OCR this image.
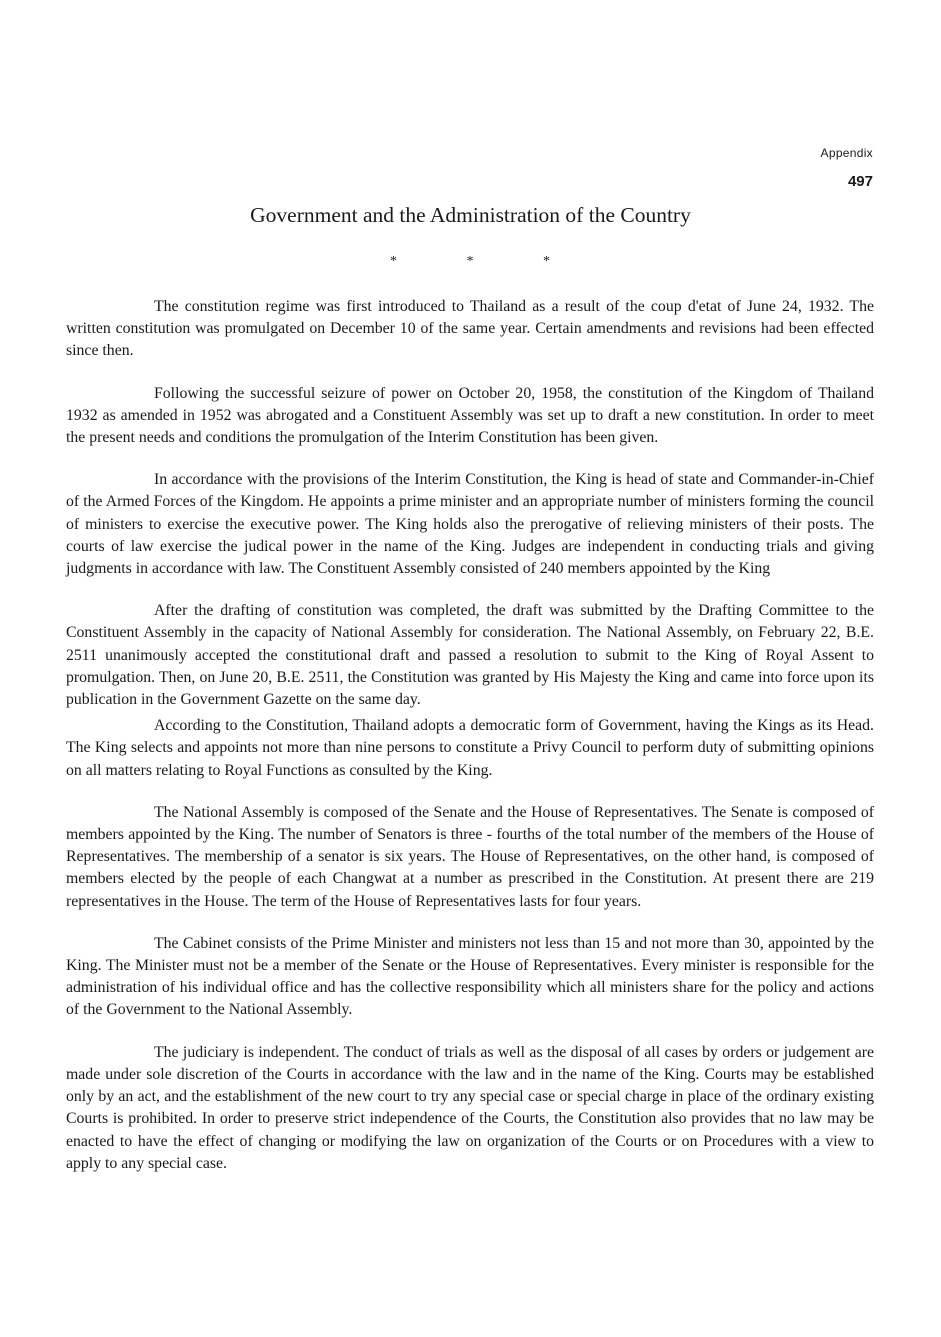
Appendix
497
Government and the Administration of the Country
*	*	*

The constitution regime was first introduced to Thailand as a result of the coup d'etat of June 24, 1932. The written constitution was promulgated on December 10 of the same year. Certain amendments and revisions had been effected since then.

Following the successful seizure of power on October 20, 1958, the constitution of the Kingdom of Thailand 1932 as amended in 1952 was abrogated and a Constituent Assembly was set up to draft a new constitution. In order to meet the present needs and conditions the promulgation of the Interim Constitution has been given.

In accordance with the provisions of the Interim Constitution, the King is head of state and Commander-in-Chief of the Armed Forces of the Kingdom. He appoints a prime minister and an appropriate number of ministers forming the council of ministers to exercise the executive power. The King holds also the prerogative of relieving ministers of their posts. The courts of law exercise the judical power in the name of the King. Judges are independent in conducting trials and giving judgments in accordance with law. The Constituent Assembly consisted of 240 members appointed by the King

After the drafting of constitution was completed, the draft was submitted by the Drafting Committee to the Constituent Assembly in the capacity of National Assembly for consideration. The National Assembly, on February 22, B.E. 2511 unanimously accepted the constitutional draft and passed a resolution to submit to the King of Royal Assent to promulgation. Then, on June 20, B.E. 2511, the Constitution was granted by His Majesty the King and came into force upon its publication in the Government Gazette on the same day.

According to the Constitution, Thailand adopts a democratic form of Government, having the Kings as its Head. The King selects and appoints not more than nine persons to constitute a Privy Council to perform duty of submitting opinions on all matters relating to Royal Functions as consulted by the King.

The National Assembly is composed of the Senate and the House of Representatives. The Senate is composed of members appointed by the King. The number of Senators is three - fourths of the total number of the members of the House of Representatives. The membership of a senator is six years. The House of Representatives, on the other hand, is composed of members elected by the people of each Changwat at a number as prescribed in the Constitution. At present there are 219 representatives in the House. The term of the House of Representatives lasts for four years.

The Cabinet consists of the Prime Minister and ministers not less than 15 and not more than 30, appointed by the King. The Minister must not be a member of the Senate or the House of Representatives. Every minister is responsible for the administration of his individual office and has the collective responsibility which all ministers share for the policy and actions of the Government to the National Assembly.

The judiciary is independent. The conduct of trials as well as the disposal of all cases by orders or judgement are made under sole discretion of the Courts in accordance with the law and in the name of the King. Courts may be established only by an act, and the establishment of the new court to try any special case or special charge in place of the ordinary existing Courts is prohibited. In order to preserve strict independence of the Courts, the Constitution also provides that no law may be enacted to have the effect of changing or modifying the law on organization of the Courts or on Procedures with a view to apply to any special case.
